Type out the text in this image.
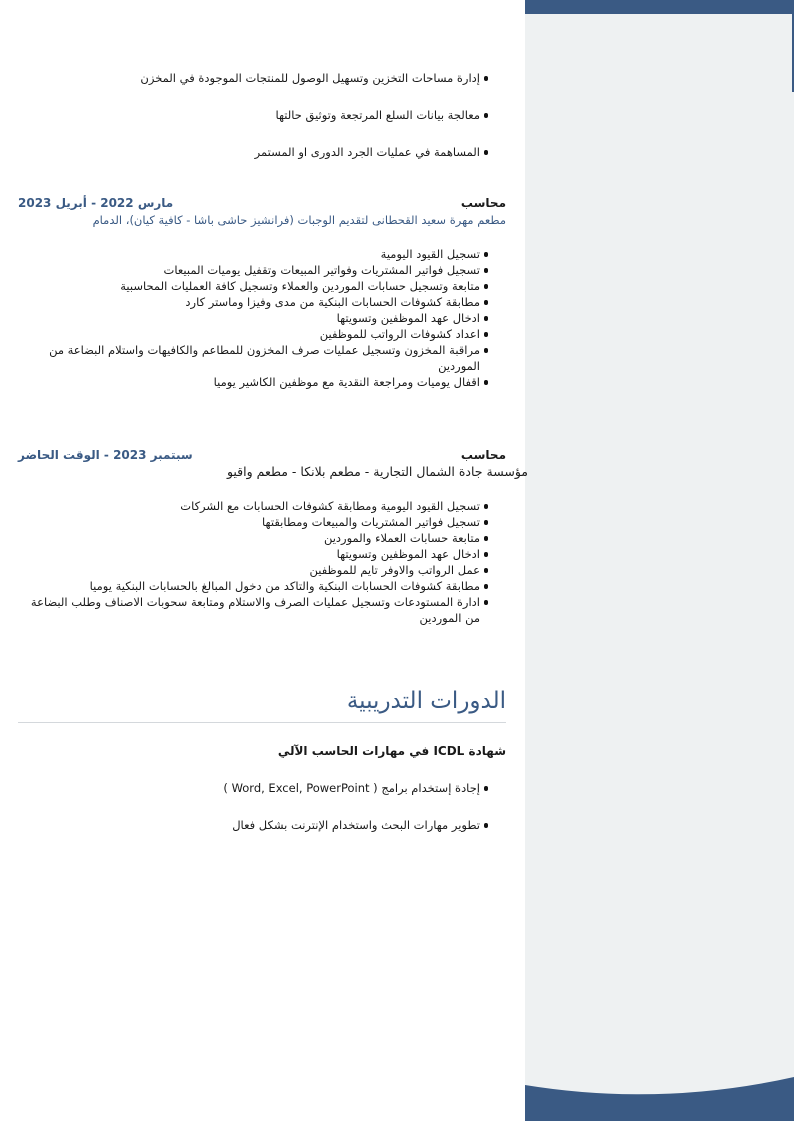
إدارة مساحات التخزين وتسهيل الوصول للمنتجات الموجودة في المخزن
معالجة بيانات السلع المرتجعة وتوثيق حالتها
المساهمة في عمليات الجرد الدورى او المستمر
محاسب
مارس 2022 - أبريل 2023
مطعم مهرة سعيد القحطانى لتقديم الوجبات (فرانشيز حاشى باشا - كافية كيان)، الدمام
تسجيل القيود اليومية
تسجيل فواتير المشتريات وفواتير المبيعات وتقفيل يوميات المبيعات
متابعة وتسجيل حسابات الموردين والعملاء وتسجيل كافة العمليات المحاسبية
مطابقة كشوفات الحسابات البنكية من مدى وفيزا وماستر كارد
ادخال عهد الموظفين وتسويتها
اعداد كشوفات الرواتب للموظفين
مراقبة المخزون وتسجيل عمليات صرف المخزون للمطاعم والكافيهات واستلام البضاعة من الموردين
اقفال يوميات ومراجعة النقدية مع موظفين الكاشير يوميا
محاسب
سبتمبر 2023 - الوقت الحاضر
مؤسسة جادة الشمال التجارية - مطعم بلانكا - مطعم واقيو
تسجيل القيود اليومية ومطابقة كشوفات الحسابات مع الشركات
تسجيل فواتير المشتريات والمبيعات ومطابقتها
متابعة حسابات العملاء والموردين
ادخال عهد الموظفين وتسويتها
عمل الرواتب والاوفر تايم للموظفين
مطابقة كشوفات الحسابات البنكية والتاكد من دخول المبالغ بالحسابات البنكية يوميا
ادارة المستودعات وتسجيل عمليات الصرف والاستلام ومتابعة سحوبات الاصناف وطلب البضاعة من الموردين
الدورات التدريبية
شهادة ICDL في مهارات الحاسب الآلي
إجادة إستخدام برامج ( Word, Excel, PowerPoint )
تطوير مهارات البحث واستخدام الإنترنت بشكل فعال
